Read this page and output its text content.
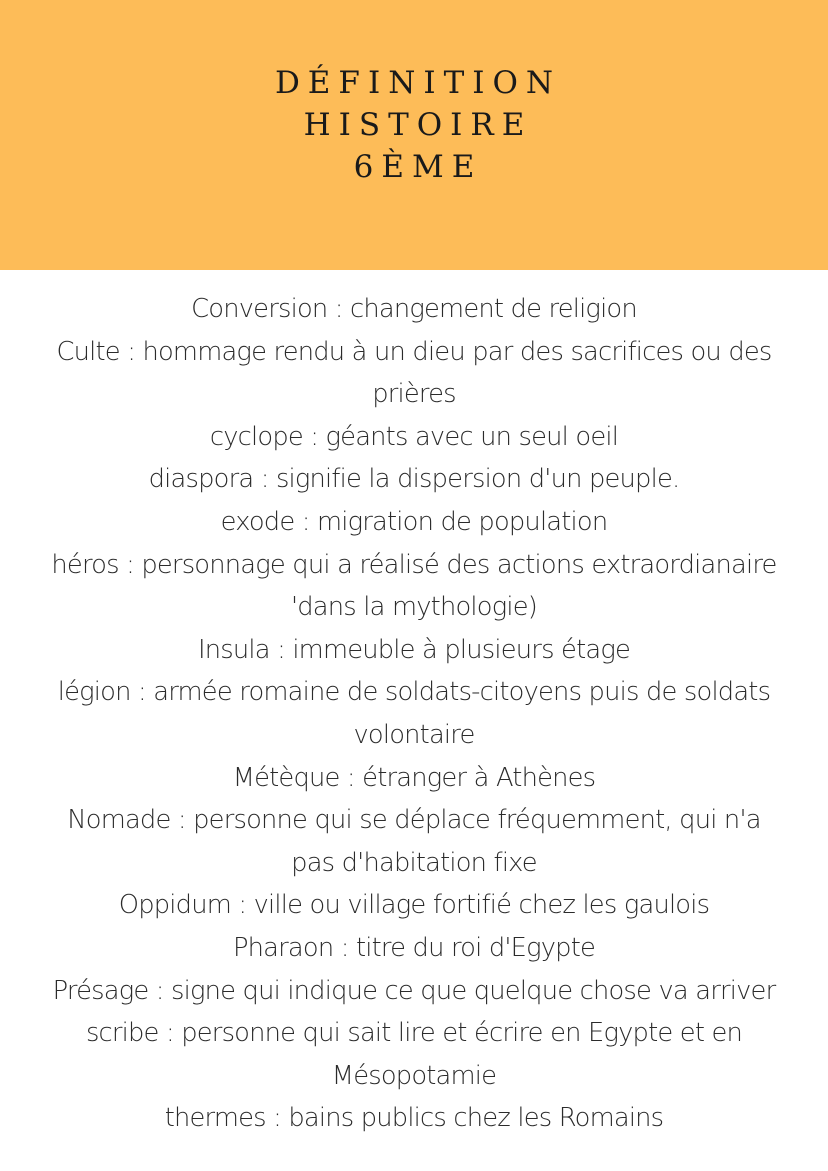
DÉFINITION
HISTOIRE
6ÈME
Conversion : changement de religion
Culte : hommage rendu à un dieu par des sacrifices ou des
prières
cyclope : géants avec un seul oeil
diaspora : signifie la dispersion d'un peuple.
exode : migration de population
héros : personnage qui a réalisé des actions extraordianaire
'dans la mythologie)
Insula : immeuble à plusieurs étage
légion : armée romaine de soldats-citoyens puis de soldats
volontaire
Métèque : étranger à Athènes
Nomade : personne qui se déplace fréquemment, qui n'a
pas d'habitation fixe
Oppidum : ville ou village fortifié chez les gaulois
Pharaon : titre du roi d'Egypte
Présage : signe qui indique ce que quelque chose va arriver
scribe : personne qui sait lire et écrire en Egypte et en
Mésopotamie
thermes : bains publics chez les Romains
